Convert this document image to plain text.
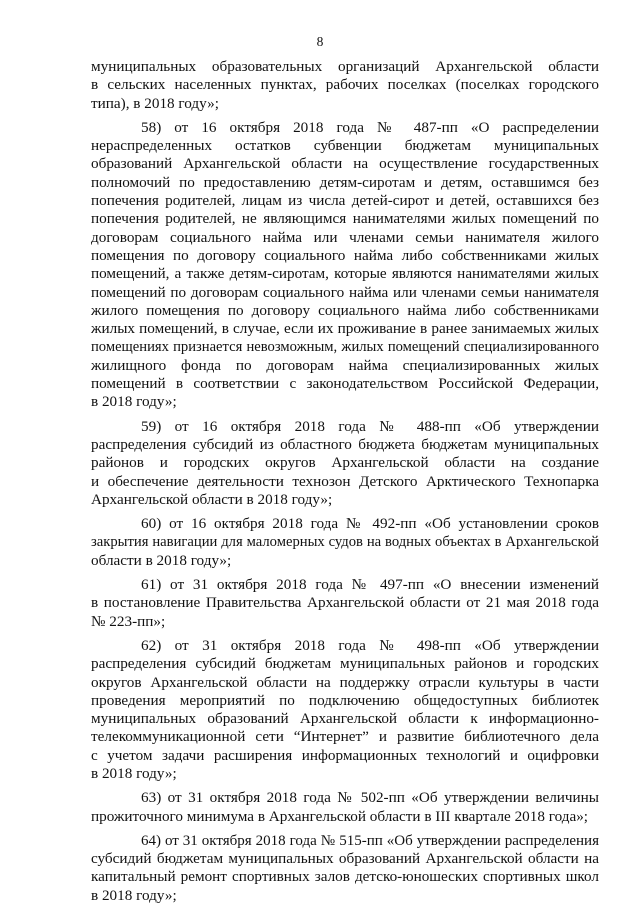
8
муниципальных образовательных организаций Архангельской области
в сельских населенных пунктах, рабочих поселках (поселках городского
типа), в 2018 году»;
58) от 16 октября 2018 года № 487-пп «О распределении
нераспределенных остатков субвенции бюджетам муниципальных
образований Архангельской области на осуществление государственных
полномочий по предоставлению детям-сиротам и детям, оставшимся без
попечения родителей, лицам из числа детей-сирот и детей, оставшихся без
попечения родителей, не являющимся нанимателями жилых помещений по
договорам социального найма или членами семьи нанимателя жилого
помещения по договору социального найма либо собственниками жилых
помещений, а также детям-сиротам, которые являются нанимателями жилых
помещений по договорам социального найма или членами семьи нанимателя
жилого помещения по договору социального найма либо собственниками
жилых помещений, в случае, если их проживание в ранее занимаемых жилых
помещениях признается невозможным, жилых помещений специализированного
жилищного фонда по договорам найма специализированных жилых
помещений в соответствии с законодательством Российской Федерации,
в 2018 году»;
59) от 16 октября 2018 года № 488-пп «Об утверждении
распределения субсидий из областного бюджета бюджетам муниципальных
районов и городских округов Архангельской области на создание
и обеспечение деятельности технозон Детского Арктического Технопарка
Архангельской области в 2018 году»;
60) от 16 октября 2018 года № 492-пп «Об установлении сроков
закрытия навигации для маломерных судов на водных объектах в Архангельской
области в 2018 году»;
61) от 31 октября 2018 года № 497-пп «О внесении изменений
в постановление Правительства Архангельской области от 21 мая 2018 года
№ 223-пп»;
62) от 31 октября 2018 года № 498-пп «Об утверждении
распределения субсидий бюджетам муниципальных районов и городских
округов Архангельской области на поддержку отрасли культуры в части
проведения мероприятий по подключению общедоступных библиотек
муниципальных образований Архангельской области к информационно-
телекоммуникационной сети “Интернет” и развитие библиотечного дела
с учетом задачи расширения информационных технологий и оцифровки
в 2018 году»;
63) от 31 октября 2018 года № 502-пп «Об утверждении величины
прожиточного минимума в Архангельской области в III квартале 2018 года»;
64) от 31 октября 2018 года № 515-пп «Об утверждении распределения
субсидий бюджетам муниципальных образований Архангельской области на
капитальный ремонт спортивных залов детско-юношеских спортивных школ
в 2018 году»;
